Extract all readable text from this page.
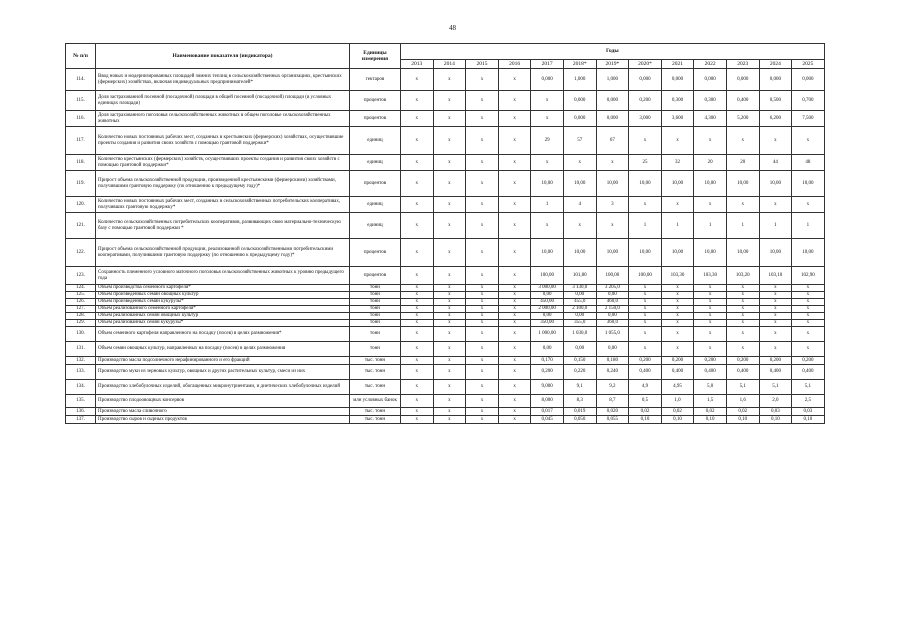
48
№ п/п	Наименование показателя (индикатора)	Единицы измерения	Годы												
			2013	2014	2015	2016	2017	2018*	2019*	2020*	2021	2022	2023	2024	2025
114.	Ввод новых и модернизированных площадей зимних теплиц в сельскохозяйственных организациях, крестьянских (фермерских) хозяйствах, включая индивидуальных предпринимателей*	гектаров	х	х	х	х	0,000	1,000	1,000	0,000	0,000	0,000	0,000	0,000	0,000
115.	Доля застрахованной посевной (посадочной) площади в общей посевной (посадочной) площади (в условных единицах площади)	процентов	х	х	х	х	х	0,000	0,000	0,200	0,300	0,300	0,400	0,500	0,700
116.	Доля застрахованного поголовья сельскохозяйственных животных в общем поголовье сельскохозяйственных животных	процентов	х	х	х	х	х	0,000	0,000	3,000	3,600	4,300	5,200	6,200	7,500
117.	Количество новых постоянных рабочих мест, созданных в крестьянских (фермерских) хозяйствах, осуществившие проекты создания и развития своих хозяйств с помощью грантовой поддержки*	единиц	х	х	х	х	29	57	67	х	х	х	х	х	х
118.	Количество крестьянских (фермерских) хозяйств, осуществивших проекты создания и развития своих хозяйств с помощью грантовой поддержки*	единиц	х	х	х	х	х	х	х	25	32	20	20	44	48
119.	Прирост объема сельскохозяйственной продукции, произведенной крестьянскими (фермерскими) хозяйствами, получившими грантовую поддержку (по отношению к предыдущему году)*	процентов	х	х	х	х	10,00	10,00	10,00	10,00	10,00	10,00	10,00	10,00	10,00
120.	Количество новых постоянных рабочих мест, созданных в сельскохозяйственных потребительских кооперативах, получивших грантовую поддержку*	единиц	х	х	х	х	1	4	3	х	х	х	х	х	х
121.	Количество сельскохозяйственных потребительских кооперативов, развивающих свою материально-техническую базу с помощью грантовой поддержки *	единиц	х	х	х	х	х	х	х	1	1	1	1	1	1
122.	Прирост объема сельскохозяйственной продукции, реализованной сельскохозяйственными потребительскими кооперативами, получившими грантовую поддержку (по отношению к предыдущему году)*	процентов	х	х	х	х	10,00	10,00	10,00	10,00	10,00	10,00	10,00	10,00	10,00
123.	Сохранность племенного условного маточного поголовья сельскохозяйственных животных к уровню предыдущего года	процентов	х	х	х	х	100,00	101,80	100,00	100,00	103,30	103,30	103,20	103,10	102,90
124.	Объем производства семенного картофеля*	тонн	х	х	х	х	3 000,00	3 130,0	3 205,0	х	х	х	х	х	х
125.	Объем произведенных семян овощных культур	тонн	х	х	х	х	0,00	0,00	0,00	х	х	х	х	х	х
126.	Объем произведенных семян кукурузы*	тонн	х	х	х	х	450,00	455,0	460,0	х	х	х	х	х	х
127.	Объем реализованного семенного картофеля*	тонн	х	х	х	х	2 000,00	2 100,0	2 150,0	х	х	х	х	х	х
128.	Объем реализованных семян овощных культур	тонн	х	х	х	х	0,00	0,00	0,00	х	х	х	х	х	х
129.	Объем реализованных семян кукурузы*	тонн	х	х	х	х	350,00	355,0	360,0	х	х	х	х	х	х
130.	Объем семенного картофеля направленного на посадку (посев) в целях размножения*	тонн	х	х	х	х	1 000,00	1 030,0	1 055,0	х	х	х	х	х	х
131.	Объем семян овощных культур, направленных на посадку (посев) в целях размножения	тонн	х	х	х	х	0,00	0,00	0,00	х	х	х	х	х	х
132.	Производство масла подсолнечного нерафинированного и его фракций	тыс. тонн	х	х	х	х	0,170	0,150	0,180	0,200	0,200	0,200	0,200	0,200	0,200
133.	Производство муки из зерновых культур, овощных и других растительных культур, смеси из них	тыс. тонн	х	х	х	х	0,200	0,220	0,240	0,400	0,400	0,400	0,400	0,400	0,400
134.	Производство хлебобулочных изделий, обогащенных микронутриентами, и диетических хлебобулочных изделий	тыс. тонн	х	х	х	х	9,000	9,1	9,2	4,9	4,95	5,0	5,1	5,1	5,1
135.	Производство плодоовощных консервов	млн условных банок	х	х	х	х	8,000	8,3	8,7	0,5	1,0	1,5	1,6	2,0	2,5
136.	Производство масла сливочного	тыс. тонн	х	х	х	х	0,017	0,019	0,020	0,02	0,02	0,02	0,02	0,03	0,03
137.	Производство сыров и сырных продуктов	тыс. тонн	х	х	х	х	0,045	0,050	0,055	0,10	0,10	0,10	0,10	0,10	0,10
